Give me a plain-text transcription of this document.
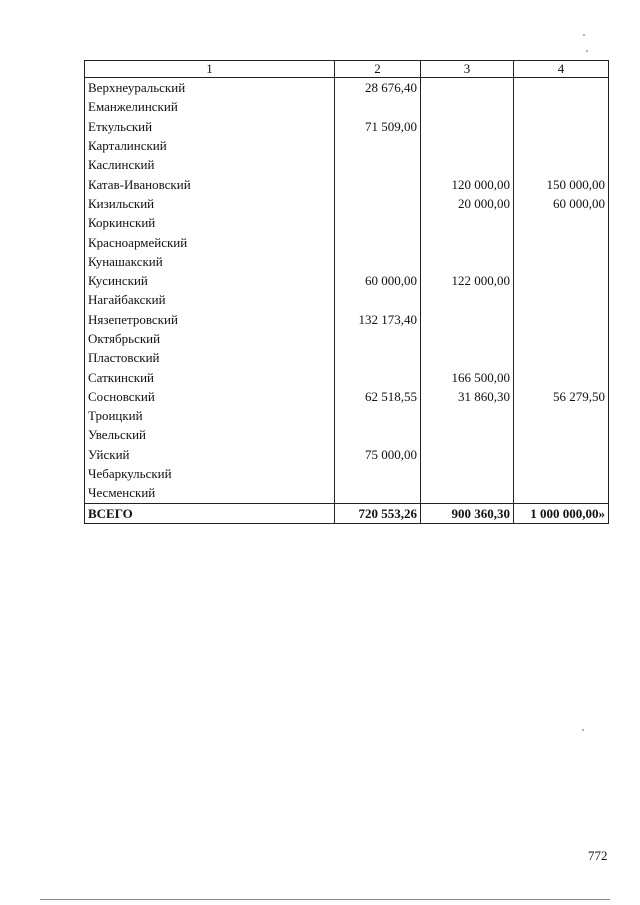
1	2	3	4
Верхнеуральский	28 676,40		
Еманжелинский			
Еткульский	71 509,00		
Карталинский			
Каслинский			
Катав-Ивановский		120 000,00	150 000,00
Кизильский		20 000,00	60 000,00
Коркинский			
Красноармейский			
Кунашакский			
Кусинский	60 000,00	122 000,00	
Нагайбакский			
Нязепетровский	132 173,40		
Октябрьский			
Пластовский			
Саткинский		166 500,00	
Сосновский	62 518,55	31 860,30	56 279,50
Троицкий			
Увельский			
Уйский	75 000,00		
Чебаркульский			
Чесменский			
ВСЕГО	720 553,26	900 360,30	1 000 000,00»
772
